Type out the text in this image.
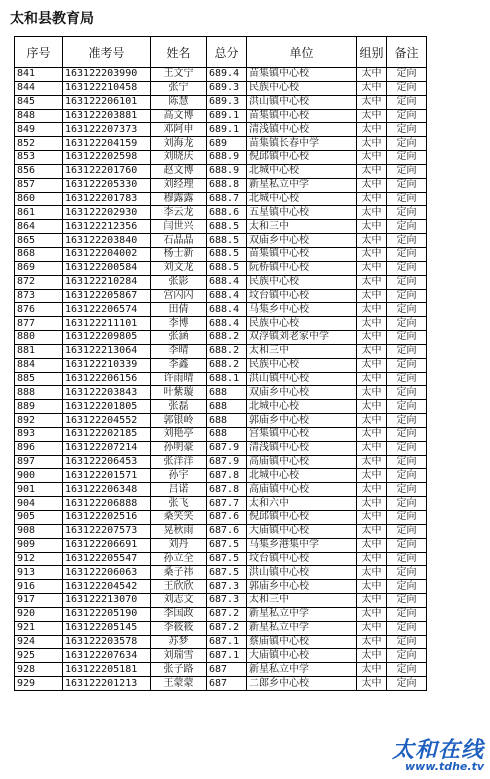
太和县教育局
序号	准考号	姓名	总分	单位	组别	备注
841	163122203990	王文宁	689.4	苗集镇中心校	太中	定向
844	163122210458	张宁	689.3	民族中心校	太中	定向
845	163122206101	陈慧	689.3	洪山镇中心校	太中	定向
848	163122203881	高文博	689.1	苗集镇中心校	太中	定向
849	163122207373	邓阿申	689.1	清浅镇中心校	太中	定向
852	163122204159	刘海龙	689	苗集镇长春中学	太中	定向
853	163122202598	刘晓庆	688.9	倪邱镇中心校	太中	定向
856	163122201760	赵文博	688.9	北城中心校	太中	定向
857	163122205330	刘经理	688.8	新星私立中学	太中	定向
860	163122201783	穆露露	688.7	北城中心校	太中	定向
861	163122202930	李云龙	688.6	五星镇中心校	太中	定向
864	163122212356	闫世兴	688.5	太和三中	太中	定向
865	163122203840	石晶晶	688.5	双庙乡中心校	太中	定向
868	163122204002	杨士新	688.5	苗集镇中心校	太中	定向
869	163122200584	刘文龙	688.5	阮桥镇中心校	太中	定向
872	163122210284	张影	688.4	民族中心校	太中	定向
873	163122205867	宫闪闪	688.4	坟台镇中心校	太中	定向
876	163122206574	田倩	688.4	马集乡中心校	太中	定向
877	163122211101	李博	688.4	民族中心校	太中	定向
880	163122209805	张涵	688.2	双浮镇刘老家中学	太中	定向
881	163122213064	李晴	688.2	太和三中	太中	定向
884	163122210339	李鑫	688.2	民族中心校	太中	定向
885	163122206156	许雨晴	688.1	洪山镇中心校	太中	定向
888	163122203843	叶紫璇	688	双庙乡中心校	太中	定向
889	163122201805	张磊	688	北城中心校	太中	定向
892	163122204552	郭银岭	688	郭庙乡中心校	太中	定向
893	163122202185	刘艳亭	688	宫集镇中心校	太中	定向
896	163122207214	孙明豪	687.9	清浅镇中心校	太中	定向
897	163122206453	张洋洋	687.9	高庙镇中心校	太中	定向
900	163122201571	孙宇	687.8	北城中心校	太中	定向
901	163122206348	吕诺	687.8	高庙镇中心校	太中	定向
904	163122206888	张飞	687.7	太和六中	太中	定向
905	163122202516	桑笑笑	687.6	倪邱镇中心校	太中	定向
908	163122207573	晃秋雨	687.6	大庙镇中心校	太中	定向
909	163122206691	刘丹	687.5	马集乡港集中学	太中	定向
912	163122205547	孙立全	687.5	坟台镇中心校	太中	定向
913	163122206063	桑子祎	687.5	洪山镇中心校	太中	定向
916	163122204542	王欣欣	687.3	郭庙乡中心校	太中	定向
917	163122213070	刘志文	687.3	太和三中	太中	定向
920	163122205190	李国政	687.2	新星私立中学	太中	定向
921	163122205145	李筱筱	687.2	新星私立中学	太中	定向
924	163122203578	苏梦	687.1	蔡庙镇中心校	太中	定向
925	163122207634	刘瑞雪	687.1	大庙镇中心校	太中	定向
928	163122205181	张子路	687	新星私立中学	太中	定向
929	163122201213	王蒙蒙	687	二郎乡中心校	太中	定向
太和在线
www.tdhe.tv
